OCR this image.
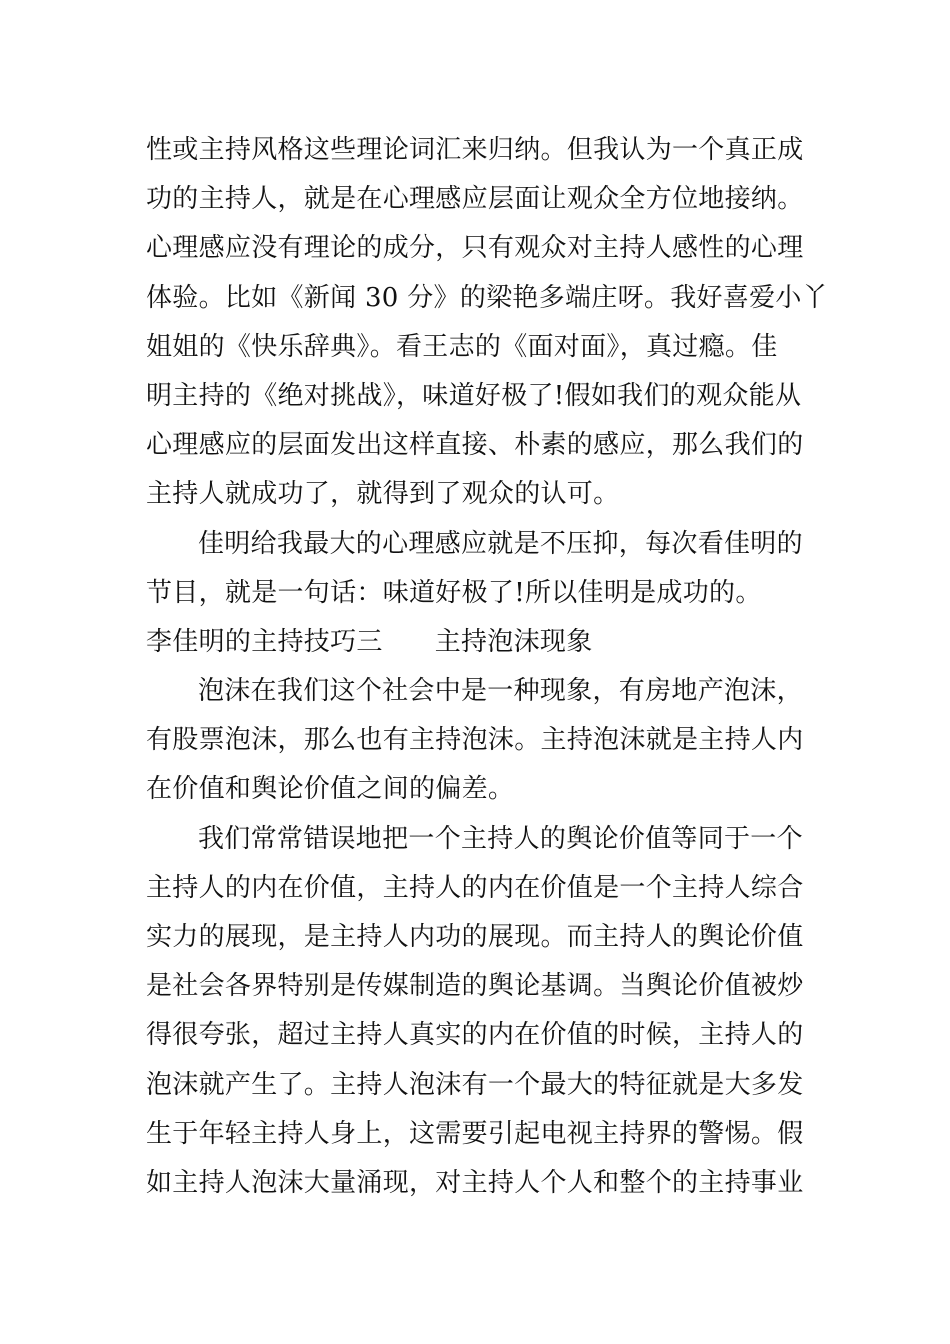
性或主持风格这些理论词汇来归纳。但我认为一个真正成
功的主持人，就是在心理感应层面让观众全方位地接纳。
心理感应没有理论的成分，只有观众对主持人感性的心理
体验。比如《新闻 30 分》的梁艳多端庄呀。我好喜爱小丫
姐姐的《快乐辞典》。看王志的《面对面》，真过瘾。佳
明主持的《绝对挑战》，味道好极了!假如我们的观众能从
心理感应的层面发出这样直接、朴素的感应，那么我们的
主持人就成功了，就得到了观众的认可。
佳明给我最大的心理感应就是不压抑，每次看佳明的
节目，就是一句话：味道好极了!所以佳明是成功的。
李佳明的主持技巧三 主持泡沫现象
泡沫在我们这个社会中是一种现象，有房地产泡沫，
有股票泡沫，那么也有主持泡沫。主持泡沫就是主持人内
在价值和舆论价值之间的偏差。
我们常常错误地把一个主持人的舆论价值等同于一个
主持人的内在价值，主持人的内在价值是一个主持人综合
实力的展现，是主持人内功的展现。而主持人的舆论价值
是社会各界特别是传媒制造的舆论基调。当舆论价值被炒
得很夸张，超过主持人真实的内在价值的时候，主持人的
泡沫就产生了。主持人泡沫有一个最大的特征就是大多发
生于年轻主持人身上，这需要引起电视主持界的警惕。假
如主持人泡沫大量涌现，对主持人个人和整个的主持事业
